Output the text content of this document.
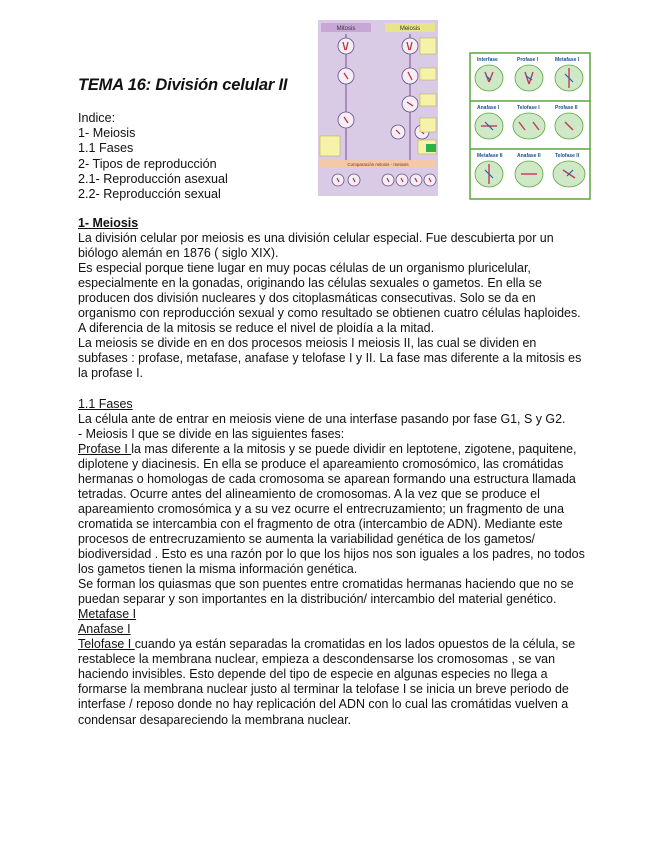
TEMA 16: División celular II
Indice:
1- Meiosis
1.1 Fases
2- Tipos de reproducción
2.1- Reproducción asexual
2.2- Reproducción sexual
Mitosis	Meiosis
Comparación mitosis - meiosis
Interfase	Profase I	Metafase I
Anafase I	Telofase I	Profase II
Metafase II	Anafase II	Telofase II

1- Meiosis

La división celular por meiosis es una división celular especial. Fue descubierta por un biólogo alemán en 1876 ( siglo XIX).

Es especial porque tiene lugar en muy pocas células de un organismo pluricelular, especialmente en la gonadas, originando las células sexuales o gametos. En ella se producen dos división nucleares y dos citoplasmáticas consecutivas. Solo se da en organismo con reproducción sexual y como resultado se obtienen cuatro células haploides. A diferencia de la mitosis se reduce el nivel de ploidía a la mitad.

La meiosis se divide en en dos procesos meiosis I meiosis II, las cual se dividen en subfases : profase, metafase, anafase y telofase I y II. La fase mas diferente a la mitosis es la profase I.

1.1 Fases

La célula ante de entrar en meiosis viene de una interfase pasando por fase G1, S y G2.

- Meiosis I que se divide en las siguientes fases:

Profase I la mas diferente a la mitosis y se puede dividir en leptotene, zigotene, paquitene, diplotene y diacinesis. En ella se produce el apareamiento cromosómico, las cromátidas hermanas o homologas de cada cromosoma se aparean formando una estructura llamada tetradas. Ocurre antes del alineamiento de cromosomas. A la vez que se produce el apareamiento cromosómica y a su vez ocurre el entrecruzamiento; un fragmento de una cromatida se intercambia con el fragmento de otra (intercambio de ADN). Mediante este procesos de entrecruzamiento se aumenta la variabilidad genética de los gametos/ biodiversidad . Esto es una razón por lo que los hijos nos son iguales a los padres, no todos los gametos tienen la misma información genética.

Se forman los quiasmas que son puentes entre cromatidas hermanas haciendo que no se puedan separar y son importantes en la distribución/ intercambio del material genético.

Metafase I

Anafase I

Telofase I cuando ya están separadas la cromatidas en los lados opuestos de la célula, se restablece la membrana nuclear, empieza a descondensarse los cromosomas , se van haciendo invisibles. Esto depende del tipo de especie en algunas especies no llega a formarse la membrana nuclear justo al terminar la telofase I se inicia un breve periodo de interfase / reposo donde no hay replicación del ADN con lo cual las cromátidas vuelven a condensar desapareciendo la membrana nuclear.
